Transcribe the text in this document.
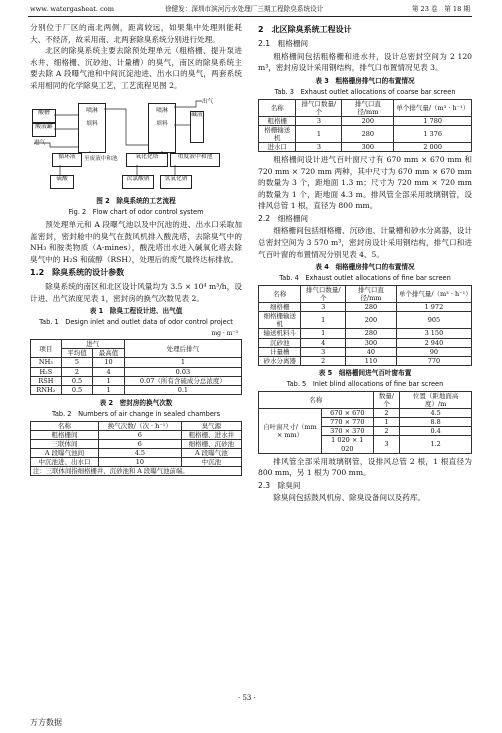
www. watergasheat. com	徐健发：深圳市滨河污水处理厂三期工程除臭系统设计	第 23 卷　第 18 期

分别位于厂区的南北两侧，距离较远，如果集中处理则能耗大、不经济，故采用南、北两套除臭系统分别进行处理。

北区的除臭系统主要去除预处理单元（粗格栅、提升泵进水井、细格栅、沉砂池、计量槽）的臭气，南区的除臭系统主要去除 A 段曝气池和中间沉淀池进、出水口的臭气，两套系统采用相同的化学除臭工艺，工艺流程见图 2。

喷淋
填料
喷淋
填料
酸槽
酸液罐
碱液
循环液	氧化化塔	重度液中和池
硫酸	次氯酸钠	氢氧化钠
出气
进气
至废液中和池
图 2　除臭系统的工艺流程
Fig. 2　Flow chart of odor control system

预处理单元和 A 段曝气池以及中沉池的进、出水口采取加盖密封，密封舱中的臭气在鼓风机排入酸洗塔，去除臭气中的 NH₃ 和胺类物质（A-mines），酸洗塔出水进入碱氧化塔去除臭气中的 H₂S 和硫醇（RSH），处理后的废气最终达标排放。

1.2　除臭系统的设计参数

除臭系统的南区和北区设计风量均为 3.5 × 10⁴ m³/h，设计进、出气浓度见表 1，密封房的换气次数见表 2。

表 1　除臭工程设计进、出气值
Tab. 1　Design inlet and outlet data of odor control project
mg · m⁻³
项目	进气		处理后排气
	平均值	最高值	
NH₃	5	10	1
H₂S	2	4	0.03
RSH	0.5	1	0.07（所有含硫成分总浓度）
RNH₂	0.5	1	0.1
表 2　密封房的换气次数
Tab. 2　Numbers of air change in sealed chambers
名称	换气次数/（次 · h⁻¹）	臭气源
粗格栅间	6	粗格栅、进水井
三联体间	6	细格栅、沉砂池
A 段曝气池间	4.5	A 段曝气池
中沉池进、出水口	10	中沉池
注：三联体间指细格栅井、沉砂池和 A 段曝气池前端。		
2　北区除臭系统工程设计
2.1　粗格栅间

粗格栅间包括粗格栅和进水井，设计总密封空间为 2 120 m³，密封房设计采用钢结构，排气口布置情况见表 3。

表 3　粗格栅房排气口的布置情况
Tab. 3　Exhaust outlet allocations of coarse bar screen
名称	排气口数量/个	排气口直径/mm	单个排气量/（m³ · h⁻¹）
粗格栅	3	200	1 780
格栅输送机	1	280	1 376
进水口	3	300	2 000

粗格栅间设计进气百叶窗尺寸有 670 mm × 670 mm 和 720 mm × 720 mm 两种，其中尺寸为 670 mm × 670 mm 的数量为 3 个，距地面 1.3 m；尺寸为 720 mm × 720 mm 的数量为 1 个，距地面 4.3 m。排风管全部采用玻璃钢管，设排风总管 1 根，直径为 800 mm。

2.2　细格栅间

细格栅间包括细格栅、沉砂池、计量槽和砂水分离器，设计总密封空间为 3 570 m³，密封房设计采用钢结构，排气口和进气百叶窗的布置情况分别见表 4、5。

表 4　细格栅房排气口的布置情况
Tab. 4　Exhaust outlet allocations of fine bar screen
名称	排气口数量/个	排气口直径/mm	单个排气量/（m³ · h⁻¹）
细格栅	3	280	1 972
细格栅输送机	1	200	905
输送机料斗	1	280	3 150
沉砂池	4	300	2 940
计量槽	3	40	90
砂水分离器	2	110	770
表 5　细格栅间进气百叶窗布置
Tab. 5　Inlet blind allocations of fine bar screen
名称		数量/个	位置（距地面高度）/m
自叶窗尺寸/（mm × mm）	670 × 670	2	4.5
	770 × 770	1	8.8
	370 × 370	2	0.4
	1 020 × 1 020	3	1.2

排风管全部采用玻璃钢管，设排风总管 2 根，1 根直径为 800 mm，另 1 根为 700 mm。

2.3　除臭间

除臭间包括鼓风机房、除臭设备间以及药库。

· 53 ·
万方数据
